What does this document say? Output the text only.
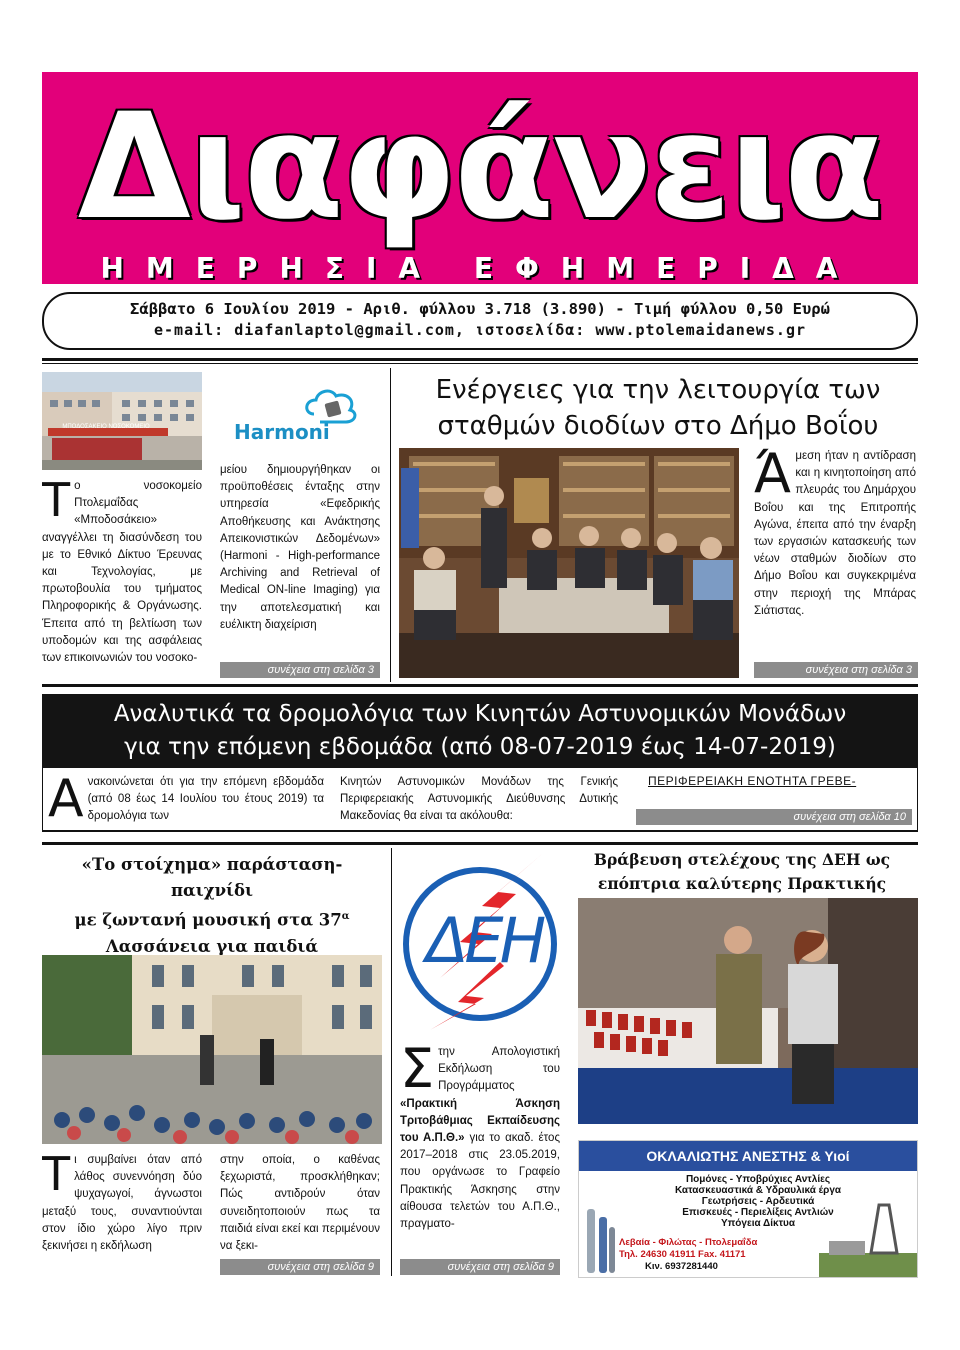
Διαφάνεια
ΗΜΕΡΗΣΙΑ ΕΦΗΜΕΡΙΔΑ
Σάββατο 6 Ιουλίου 2019 - Αριθ. φύλλου 3.718 (3.890) - Τιμή φύλλου 0,50 Ευρώ
e-mail: diafanlaptol@gmail.com, ιστοσελίδα: www.ptolemaidanews.gr
ΜΠΟΔΟΣΑΚΕΙΟ ΝΟΣΟΚΟΜΕΙΟ	Harmoni
Το νοσοκομείο Πτολεμαΐδας «Μποδοσάκειο» αναγγέλλει τη διασύνδεση του με το Εθνικό Δίκτυο Έρευνας και Τεχνολογίας, με πρωτοβουλία του τμήματος Πληροφορικής & Οργάνωσης. Έπειτα από τη βελτίωση των υποδομών και της ασφάλειας των επικοινωνιών του νοσοκο-
μείου δημιουργήθηκαν οι προϋποθέσεις ένταξης στην υπηρεσία «Εφεδρικής Αποθήκευσης και Ανάκτησης Απεικονιστικών Δεδομένων» (Harmoni - High-performance Archiving and Retrieval of Medical ON-line Imaging) για την αποτελεσματική και ευέλικτη διαχείριση
συνέχεια στη σελίδα 3
Ενέργειες για την λειτουργία των
σταθμών διοδίων στο Δήμο Βοΐου
Άμεση ήταν η αντίδραση και η κινητοποίηση από πλευράς του Δημάρχου Βοΐου και της Επιτροπής Αγώνα, έπειτα από την έναρξη των εργασιών κατασκευής των νέων σταθμών διοδίων στο Δήμο Βοΐου και συγκεκριμένα στην περιοχή της Μπάρας Σιάτιστας.
συνέχεια στη σελίδα 3
Αναλυτικά τα δρομολόγια των Κινητών Αστυνομικών Μονάδων
για την επόμενη εβδομάδα (από 08-07-2019 έως 14-07-2019)
Ανακοινώνεται ότι για την επόμενη εβδομάδα (από 08 έως 14 Ιουλίου του έτους 2019) τα δρομολόγια των
Κινητών Αστυνομικών Μονάδων της Γενικής Περιφερειακής Αστυνομικής Διεύθυνσης Δυτικής Μακεδονίας θα είναι τα ακόλουθα:
ΠΕΡΙΦΕΡΕΙΑΚΗ ΕΝΟΤΗΤΑ ΓΡΕΒΕ-
συνέχεια στη σελίδα 10
«Το στοίχημα» παράσταση-παιχνίδι
με ζωντανή μουσική στα $37^\alpha$
Λασσάνεια για παιδιά
Τι συμβαίνει όταν από λάθος συνεννόηση δύο ψυχαγωγοί, άγνωστοι μεταξύ τους, συναντιούνται στον ίδιο χώρο λίγο πριν ξεκινήσει η εκδήλωση
στην οποία, ο καθένας ξεχωριστά, προσκλήθηκαν; Πώς αντιδρούν όταν συνειδητοποιούν πως τα παιδιά είναι εκεί και περιμένουν να ξεκι-
συνέχεια στη σελίδα 9
ΔΕΗ
Στην Απολογιστική Εκδήλωση του Προγράμματος «Πρακτική Άσκηση Τριτοβάθμιας Εκπαίδευσης του Α.Π.Θ.» για το ακαδ. έτος 2017–2018 στις 23.05.2019, που οργάνωσε το Γραφείο Πρακτικής Άσκησης στην αίθουσα τελετών του Α.Π.Θ., πραγματο-
συνέχεια στη σελίδα 9
Βράβευση στελέχους της ΔΕΗ ως
επόπτρια καλύτερης Πρακτικής
ΟΚΛΑΛΙΩΤΗΣ ΑΝΕΣΤΗΣ & Υιοί
Πομόνες - Υποβρύχιες Αντλίες
Κατασκευαστικά & Υδραυλικά έργα
Γεωτρήσεις - Αρδευτικά
Επισκευές - Περιελίξεις Αντλιών
Υπόγεια Δίκτυα
Λεβαία - Φιλώτας - Πτολεμαΐδα
Τηλ. 24630 41911 Fax. 41171
Κιν. 6937281440
